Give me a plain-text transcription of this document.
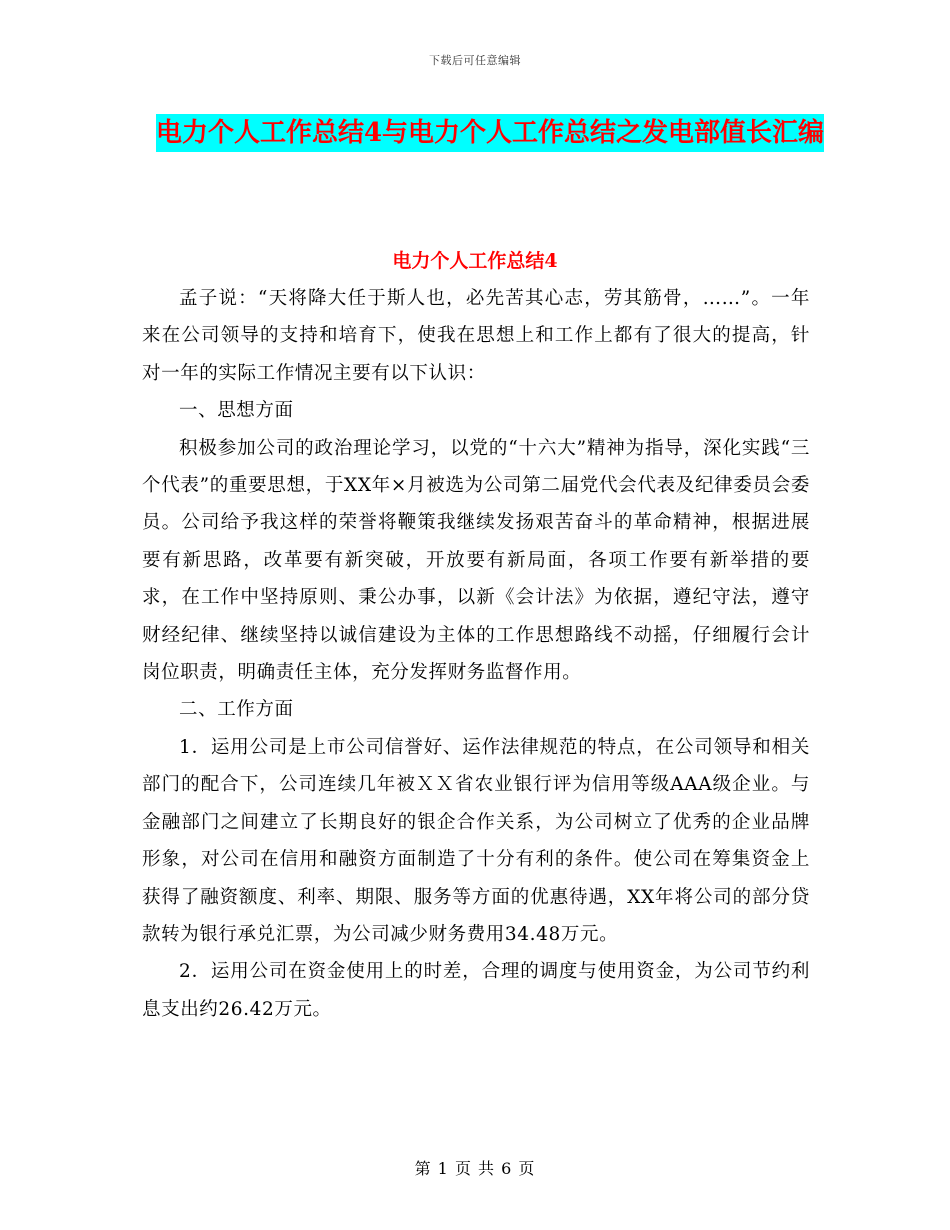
下载后可任意编辑
电力个人工作总结4与电力个人工作总结之发电部值长汇编
电力个人工作总结4

孟子说：“天将降大任于斯人也，必先苦其心志，劳其筋骨，……”。一年来在公司领导的支持和培育下，使我在思想上和工作上都有了很大的提高，针对一年的实际工作情况主要有以下认识：

一、思想方面

积极参加公司的政治理论学习，以党的“十六大”精神为指导，深化实践“三个代表”的重要思想，于XX年×月被选为公司第二届党代会代表及纪律委员会委员。公司给予我这样的荣誉将鞭策我继续发扬艰苦奋斗的革命精神，根据进展要有新思路，改革要有新突破，开放要有新局面，各项工作要有新举措的要求，在工作中坚持原则、秉公办事，以新《会计法》为依据，遵纪守法，遵守财经纪律、继续坚持以诚信建设为主体的工作思想路线不动摇，仔细履行会计岗位职责，明确责任主体，充分发挥财务监督作用。

二、工作方面

1．运用公司是上市公司信誉好、运作法律规范的特点，在公司领导和相关部门的配合下，公司连续几年被ＸＸ省农业银行评为信用等级AAA级企业。与金融部门之间建立了长期良好的银企合作关系，为公司树立了优秀的企业品牌形象，对公司在信用和融资方面制造了十分有利的条件。使公司在筹集资金上获得了融资额度、利率、期限、服务等方面的优惠待遇，XX年将公司的部分贷款转为银行承兑汇票，为公司减少财务费用34.48万元。

2．运用公司在资金使用上的时差，合理的调度与使用资金，为公司节约利息支出约26.42万元。

第 1 页 共 6 页
